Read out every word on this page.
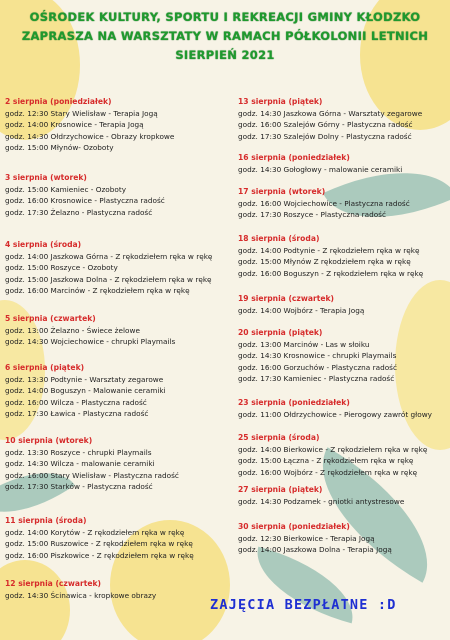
OŚRODEK KULTURY, SPORTU I REKREACJI GMINY KŁODZKO
ZAPRASZA NA WARSZTATY W RAMACH PÓŁKOLONII LETNICH
SIERPIEŃ 2021
2 sierpnia (poniedziałek)
godz. 12:30 Stary Wielisław - Terapia Jogą
godz. 14:00 Krosnowice - Terapia Jogą
godz. 14:30 Ołdrzychowice - Obrazy kropkowe
godz. 15:00 Młynów- Ozoboty
3 sierpnia (wtorek)
godz. 15:00 Kamieniec - Ozoboty
godz. 16:00 Krosnowice - Plastyczna radość
godz. 17:30 Żelazno - Plastyczna radość
4 sierpnia (środa)
godz. 14:00 Jaszkowa Górna - Z rękodziełem ręka w rękę
godz. 15:00 Roszyce - Ozoboty
godz. 15:00 Jaszkowa Dolna - Z rękodziełem ręka w rękę
godz. 16:00 Marcinów - Z rękodziełem ręka w rękę
5 sierpnia (czwartek)
godz. 13:00 Żelazno - Świece żelowe
godz. 14:30 Wojciechowice - chrupki Playmails
6 sierpnia (piątek)
godz. 13:30 Podtynie - Warsztaty zegarowe
godz. 14:00 Boguszyn - Malowanie ceramiki
godz. 16:00 Wilcza - Plastyczna radość
godz. 17:30 Ławica - Plastyczna radość
10 sierpnia (wtorek)
godz. 13:30 Roszyce - chrupki Playmails
godz. 14:30 Wilcza - malowanie ceramiki
godz. 16:00 Stary Wielisław - Plastyczna radość
godz. 17:30 Starków - Plastyczna radość
11 sierpnia (środa)
godz. 14:00 Korytów - Z rękodziełem ręka w rękę
godz. 15:00 Ruszowice - Z rękodziełem ręka w rękę
godz. 16:00 Piszkowice - Z rękodziełem ręka w rękę
12 sierpnia (czwartek)
godz. 14:30 Ścinawica - kropkowe obrazy
13 sierpnia (piątek)
godz. 14:30 Jaszkowa Górna - Warsztaty zegarowe
godz. 16:00 Szalejów Górny - Plastyczna radość
godz. 17:30 Szalejów Dolny - Plastyczna radość
16 sierpnia (poniedziałek)
godz. 14:30 Gołogłowy - malowanie ceramiki
17 sierpnia (wtorek)
godz. 16:00 Wojciechowice - Plastyczna radość
godz. 17:30 Roszyce - Plastyczna radość
18 sierpnia (środa)
godz. 14:00 Podtynie - Z rękodziełem ręka w rękę
godz. 15:00 Młynów Z rękodziełem ręka w rękę
godz. 16:00 Boguszyn - Z rękodziełem ręka w rękę
19 sierpnia (czwartek)
godz. 14:00 Wojbórz - Terapia Jogą
20 sierpnia (piątek)
godz. 13:00 Marcinów - Las w słoiku
godz. 14:30 Krosnowice - chrupki Playmails
godz. 16:00 Gorzuchów - Plastyczna radość
godz. 17:30 Kamieniec - Plastyczna radość
23 sierpnia (poniedziałek)
godz. 11:00 Ołdrzychowice - Pierogowy zawrót głowy
25 sierpnia (środa)
godz. 14:00 Bierkowice - Z rękodziełem ręka w rękę
godz. 15:00 Łączna - Z rękodziełem ręka w rękę
godz. 16:00 Wojbórz - Z rękodziełem ręka w rękę
27 sierpnia (piątek)
godz. 14:30 Podzamek - gniotki antystresowe
30 sierpnia (poniedziałek)
godz. 12:30 Bierkowice - Terapia Jogą
godz. 14:00 Jaszkowa Dolna - Terapia Jogą
ZAJĘCIA BEZPŁATNE :D
